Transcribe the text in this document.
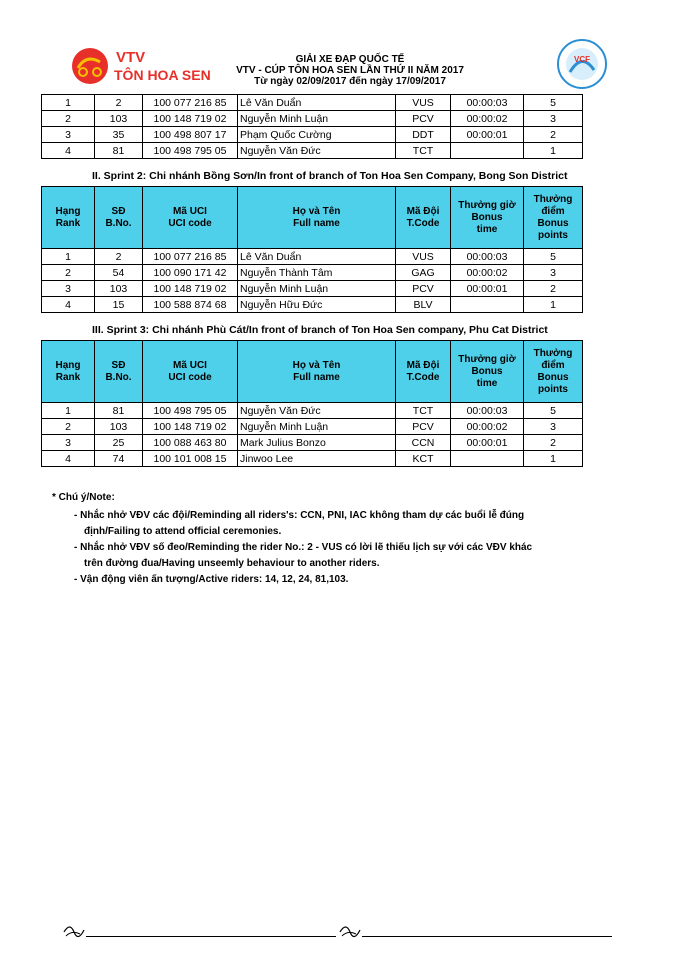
VTV
TÔN HOA SEN
GIẢI XE ĐẠP QUỐC TẾ
VTV - CÚP TÔN HOA SEN LẦN THỨ II NĂM 2017
Từ ngày 02/09/2017 đến ngày 17/09/2017
VCF
1	2	100 077 216 85	Lê Văn Duẩn	VUS	00:00:03	5
2	103	100 148 719 02	Nguyễn Minh Luận	PCV	00:00:02	3
3	35	100 498 807 17	Phạm Quốc Cường	DDT	00:00:01	2
4	81	100 498 795 05	Nguyễn Văn Đức	TCT		1
II. Sprint 2: Chi nhánh Bồng Sơn/In front of branch of Ton Hoa Sen Company, Bong Son District
Hạng
Rank	SĐ
B.No.	Mã UCI
UCI code	Họ và Tên
Full name	Mã Đội
T.Code	Thưởng giờ
Bonus
time	Thưởng
điểm
Bonus
points
1	2	100 077 216 85	Lê Văn Duẩn	VUS	00:00:03	5
2	54	100 090 171 42	Nguyễn Thành Tâm	GAG	00:00:02	3
3	103	100 148 719 02	Nguyễn Minh Luận	PCV	00:00:01	2
4	15	100 588 874 68	Nguyễn Hữu Đức	BLV		1
III. Sprint 3: Chi nhánh Phù Cát/In front of branch of Ton Hoa Sen company, Phu Cat District
Hạng
Rank	SĐ
B.No.	Mã UCI
UCI code	Họ và Tên
Full name	Mã Đội
T.Code	Thưởng giờ
Bonus
time	Thưởng
điểm
Bonus
points
1	81	100 498 795 05	Nguyễn Văn Đức	TCT	00:00:03	5
2	103	100 148 719 02	Nguyễn Minh Luận	PCV	00:00:02	3
3	25	100 088 463 80	Mark Julius Bonzo	CCN	00:00:01	2
4	74	100 101 008 15	Jinwoo Lee	KCT		1
* Chú ý/Note:
- Nhắc nhở VĐV các đội/Reminding all riders's: CCN, PNI, IAC không tham dự các buổi lễ đúng
định/Failing to attend official ceremonies.
- Nhắc nhở VĐV số đeo/Reminding the rider No.: 2 - VUS có lời lẽ thiếu lịch sự với các VĐV khác
trên đường đua/Having unseemly behaviour to another riders.
- Vận động viên ấn tượng/Active riders: 14, 12, 24, 81,103.
